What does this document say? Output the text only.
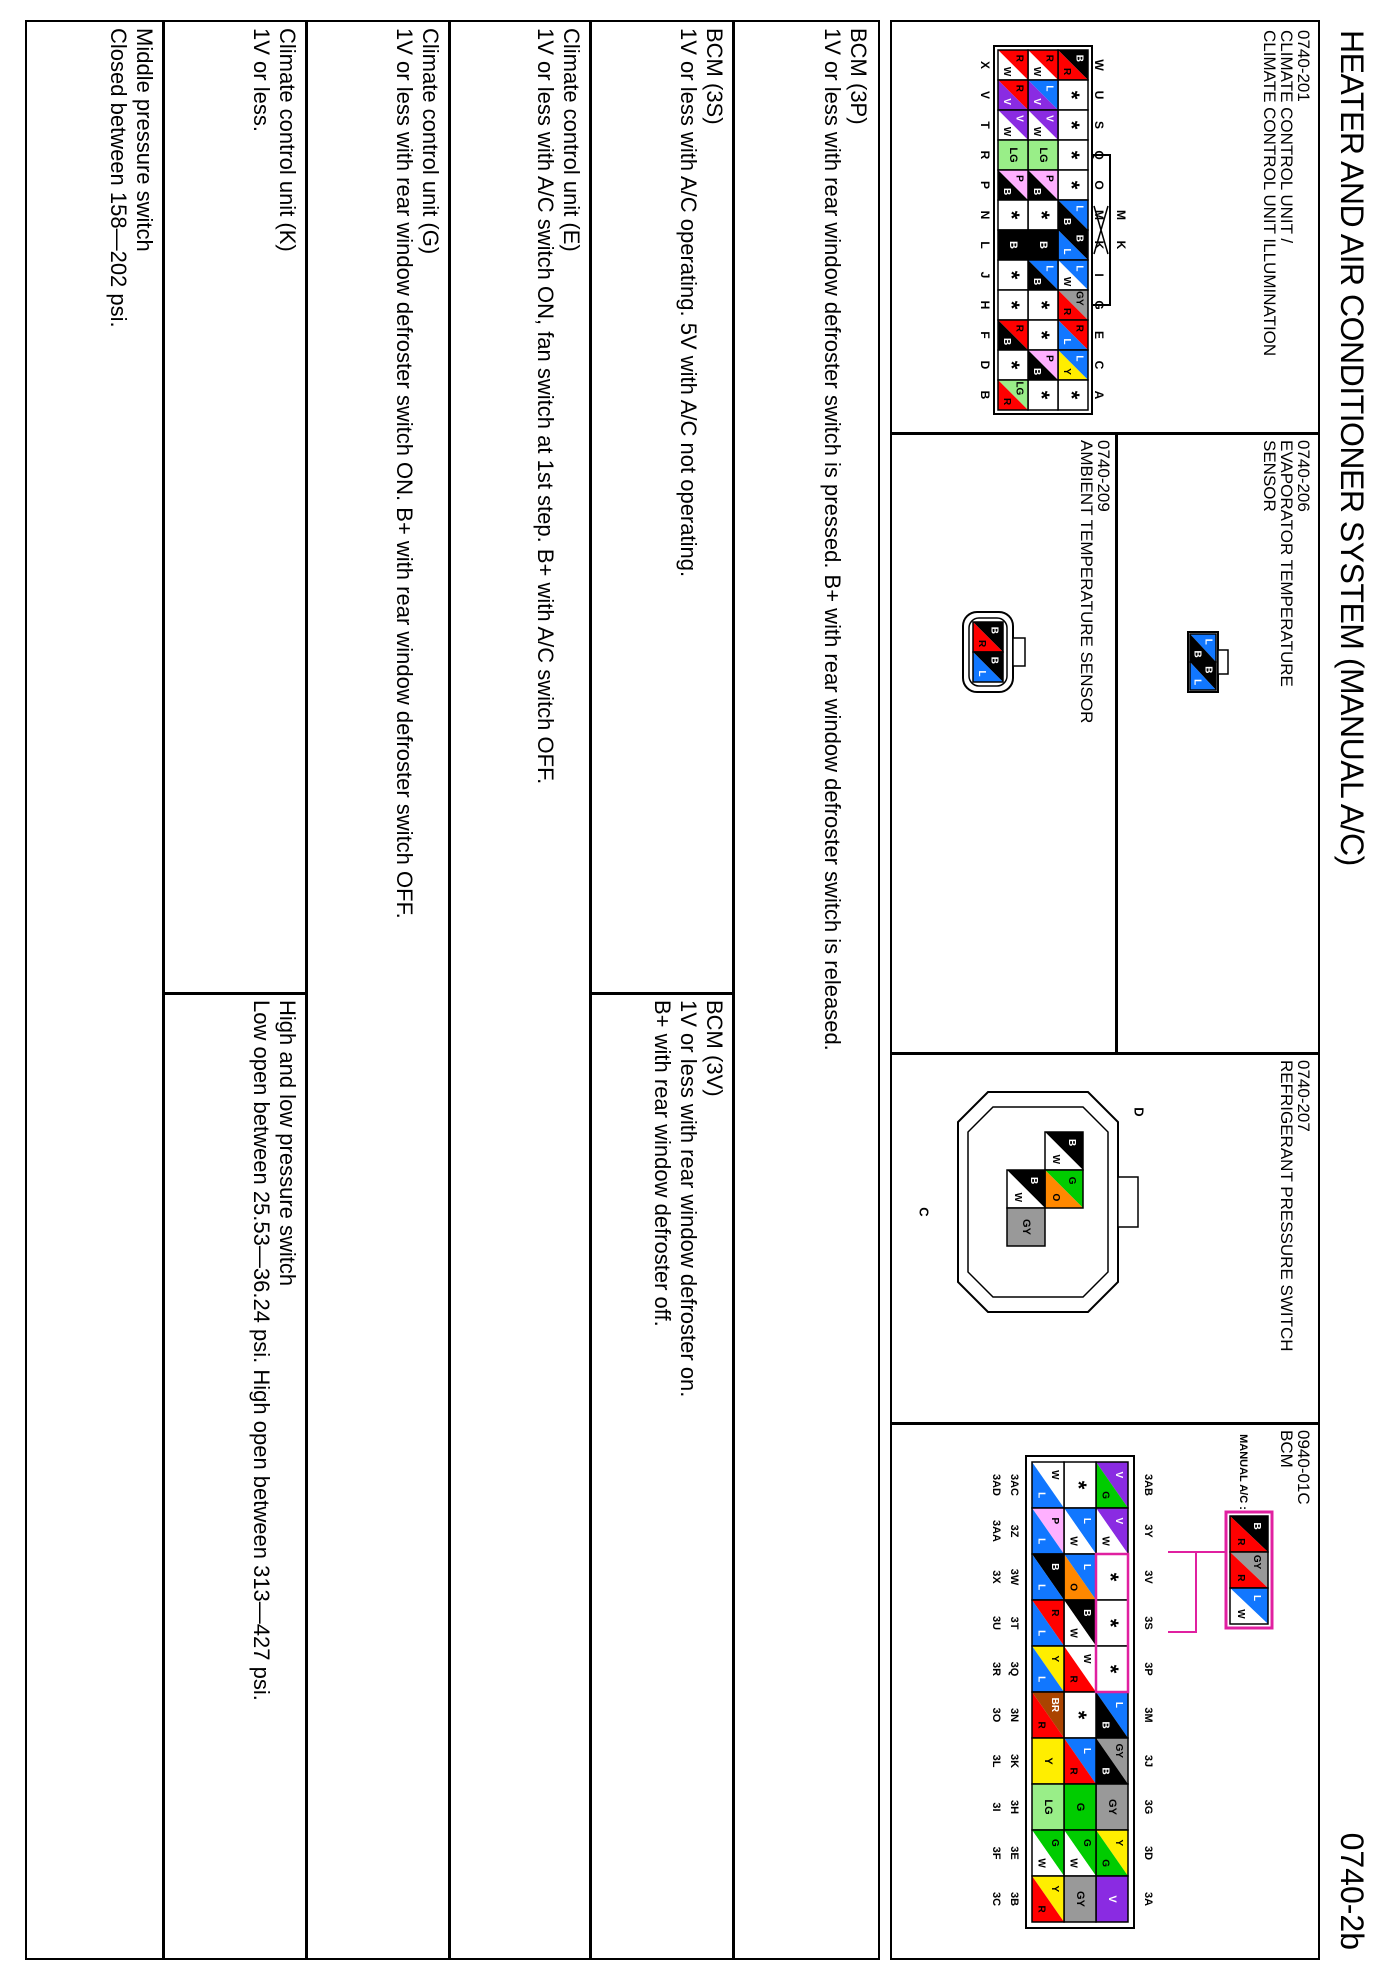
HEATER AND AIR CONDITIONER SYSTEM (MANUAL A/C)
0740-2b
0740-201
CLIMATE CONTROL UNIT /
CLIMATE CONTROL UNIT ILLUMINATION
M
K
W
U
S
Q
O
M
K
I
G
E
C
A
B
R
*
*
*
*
L
B
B
L
L
W
GY
R
R
L
L
Y
*
R
W
L
V
V
W
LG
P
B
*
B
L
B
*
*
P
B
*
R
W
R
V
V
W
LG
P
B
*
B
*
*
R
B
*
LG
R
X
V
T
R
P
N
L
J
H
F
D
B
0740-206
EVAPORATOR TEMPERATURE
SENSOR
L
B
B
L
0740-209
AMBIENT TEMPERATURE SENSOR
B
R
B
L
0740-207
REFRIGERANT PRESSURE SWITCH
D
C
B
W
G
O
B
W
GY
0940-01C
BCM
MANUAL A/C :
B
R
GY
R
L
W
3AB
3Y
3V
3S
3P
3M
3J
3G
3D
3A
3AC
3Z
3W
3T
3Q
3N
3K
3H
3E
3B
3AD
3AA
3X
3U
3R
3O
3L
3I
3F
3C
V
G
V
W
*
*
*
L
B
GY
B
GY
Y
G
V
*
L
W
L
O
B
W
W
R
*
L
R
G
G
W
GY
W
L
P
L
B
L
R
L
Y
L
BR
R
Y
LG
G
W
Y
R
BCM (3P)
1V or less with rear window defroster switch is pressed. B+ with rear window defroster switch is released.
BCM (3S)
1V or less with A/C operating. 5V with A/C not operating.
BCM (3V)
1V or less with rear window defroster on.
B+ with rear window defroster off.
Climate control unit (E)
1V or less with A/C switch ON, fan switch at 1st step. B+ with A/C switch OFF.
Climate control unit (G)
1V or less with rear window defroster switch ON. B+ with rear window defroster switch OFF.
Climate control unit (K)
1V or less.
High and low pressure switch
Low open between 25.53—36.24 psi. High open between 313—427 psi.
Middle pressure switch
Closed between 158—202 psi.
